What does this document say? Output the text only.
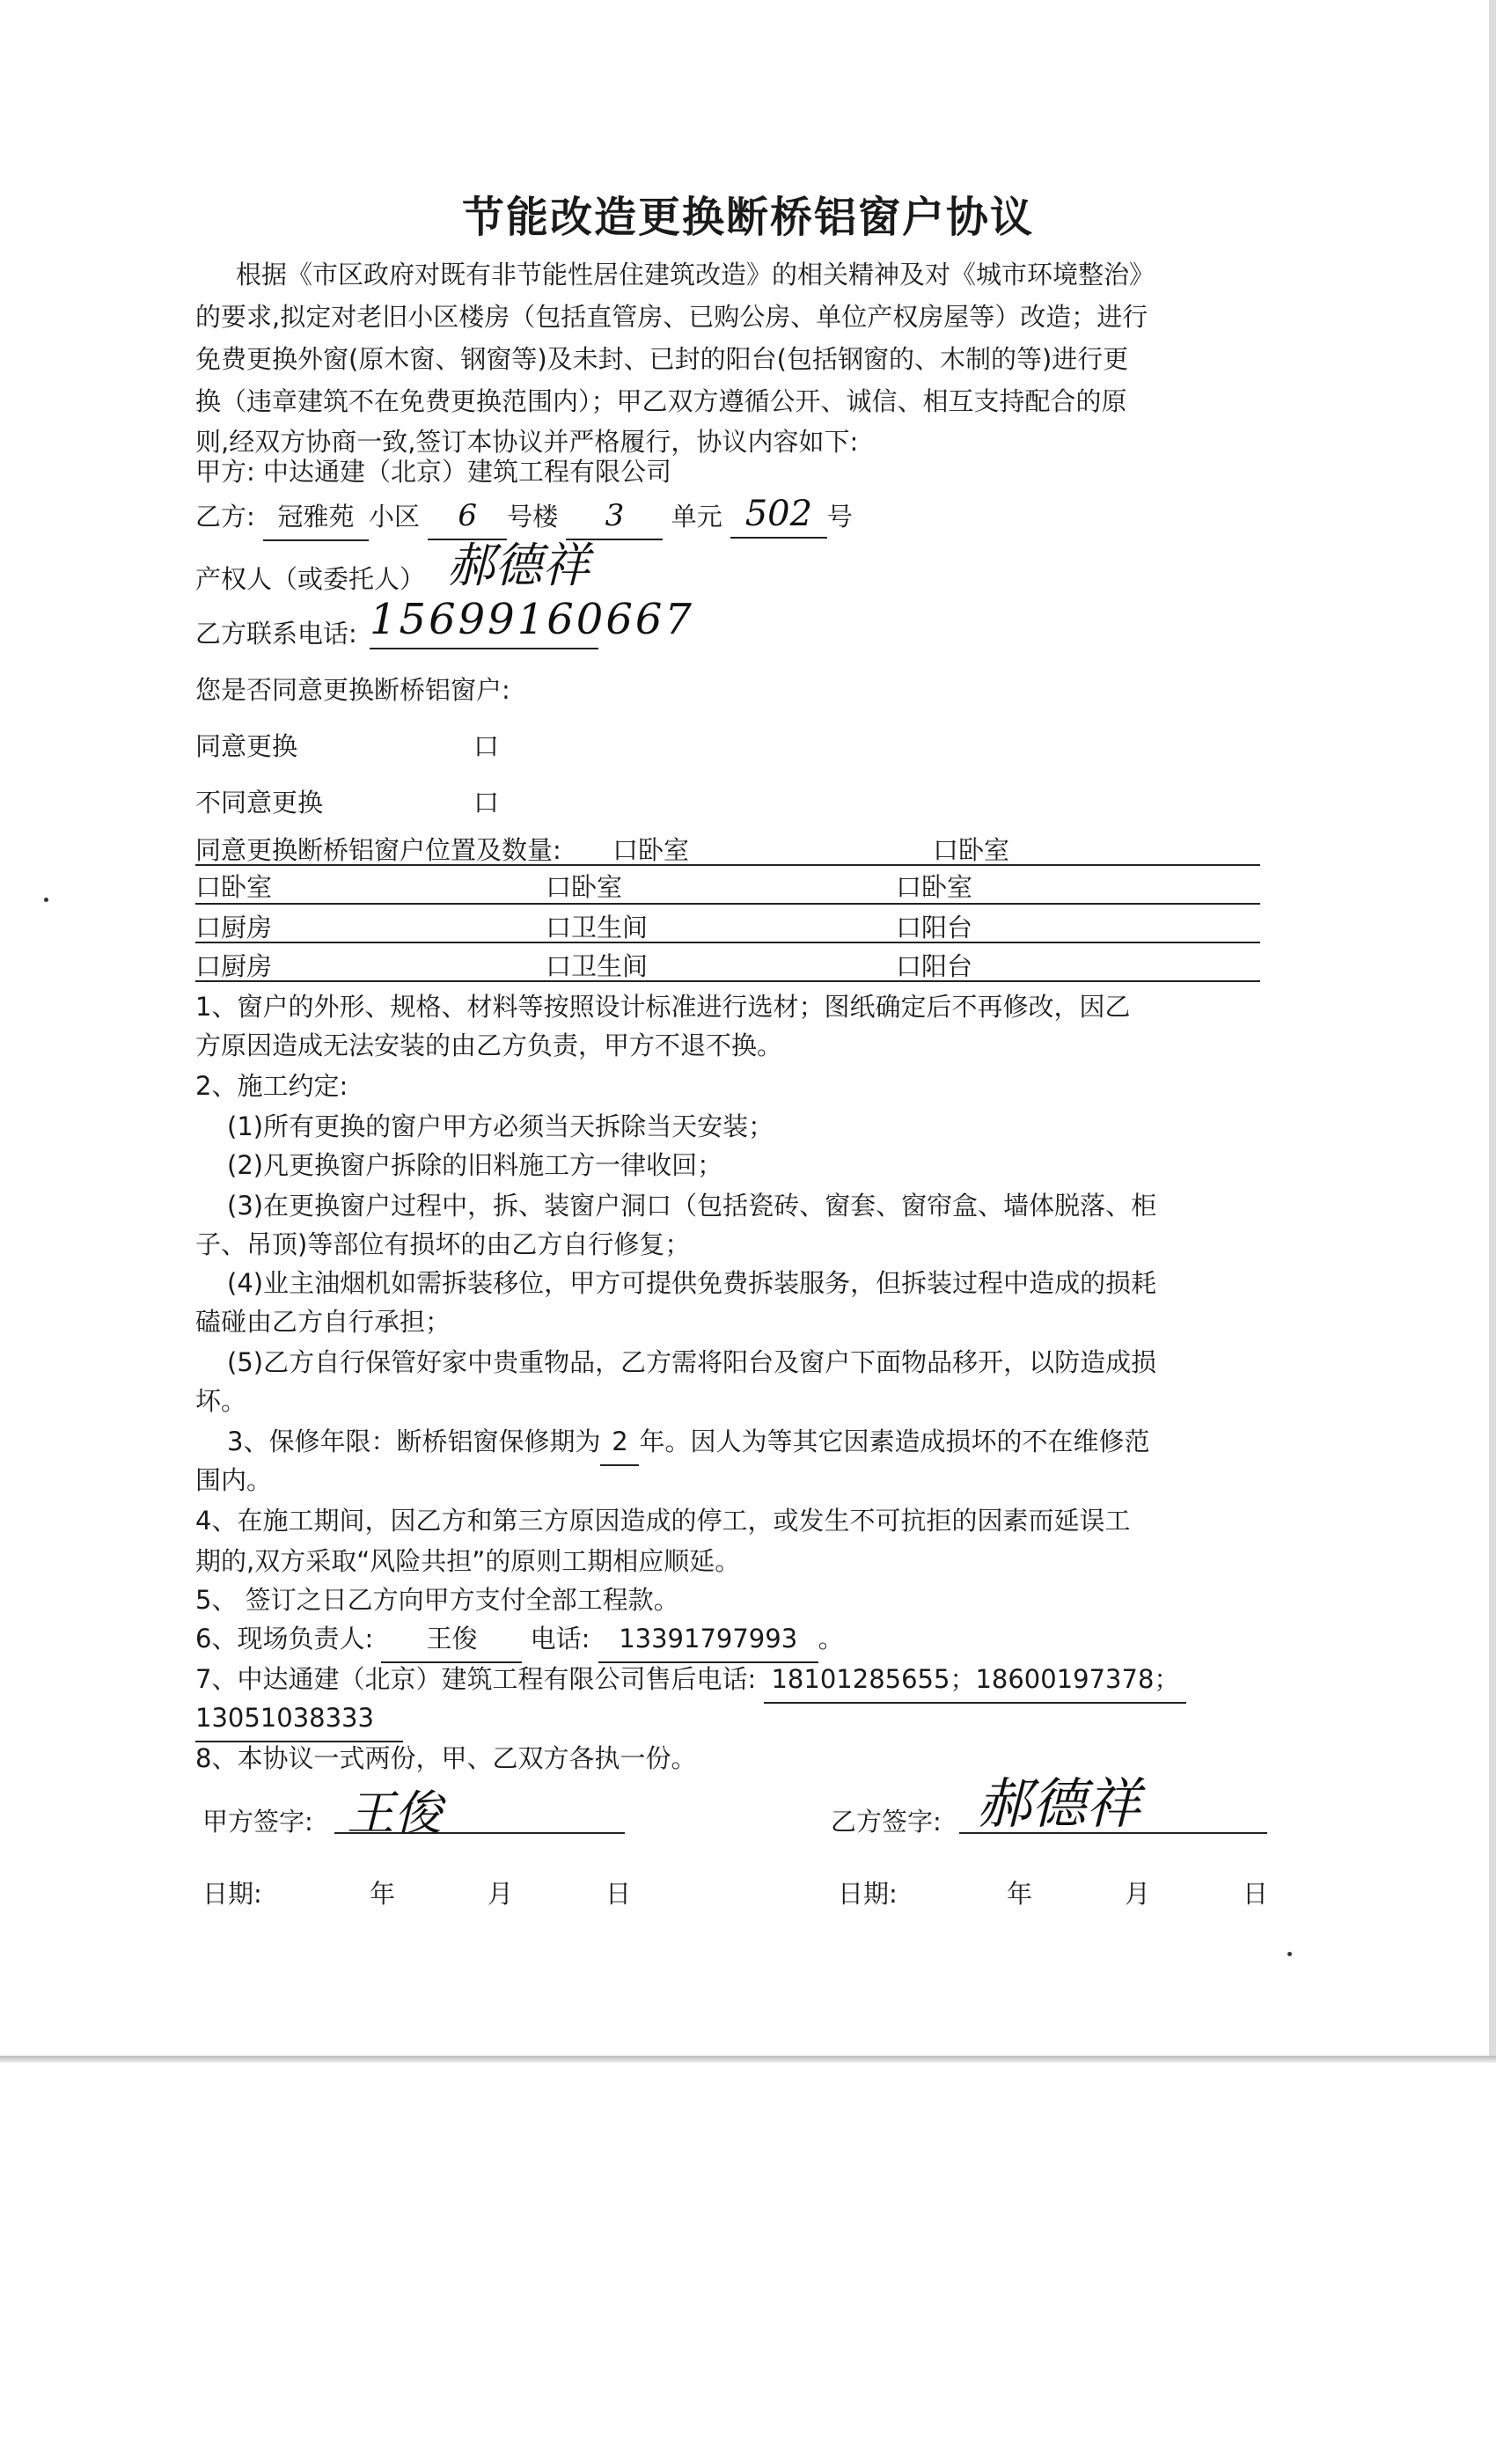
节能改造更换断桥铝窗户协议
根据《市区政府对既有非节能性居住建筑改造》的相关精神及对《城市环境整治》
的要求,拟定对老旧小区楼房（包括直管房、已购公房、单位产权房屋等）改造；进行
免费更换外窗(原木窗、钢窗等)及未封、已封的阳台(包括钢窗的、木制的等)进行更
换（违章建筑不在免费更换范围内）；甲乙双方遵循公开、诚信、相互支持配合的原
则,经双方协商一致,签订本协议并严格履行，协议内容如下:
甲方: 中达通建（北京）建筑工程有限公司
乙方: 冠雅苑 小区 6 号楼 3 单元 502 号
产权人（或委托人） 郝德祥
乙方联系电话: 15699160667
您是否同意更换断桥铝窗户:
同意更换	口
不同意更换	口
同意更换断桥铝窗户位置及数量: 口卧室	口卧室
口卧室	口卧室	口卧室
口厨房	口卫生间	口阳台
口厨房	口卫生间	口阳台
1、窗户的外形、规格、材料等按照设计标准进行选材；图纸确定后不再修改，因乙
方原因造成无法安装的由乙方负责，甲方不退不换。
2、施工约定:
(1)所有更换的窗户甲方必须当天拆除当天安装；
(2)凡更换窗户拆除的旧料施工方一律收回；
(3)在更换窗户过程中，拆、装窗户洞口（包括瓷砖、窗套、窗帘盒、墙体脱落、柜
子、吊顶)等部位有损坏的由乙方自行修复；
(4)业主油烟机如需拆装移位，甲方可提供免费拆装服务，但拆装过程中造成的损耗
磕碰由乙方自行承担；
(5)乙方自行保管好家中贵重物品，乙方需将阳台及窗户下面物品移开，以防造成损
坏。
3、保修年限：断桥铝窗保修期为 2 年。因人为等其它因素造成损坏的不在维修范
围内。
4、在施工期间，因乙方和第三方原因造成的停工，或发生不可抗拒的因素而延误工
期的,双方采取“风险共担”的原则工期相应顺延。
5、 签订之日乙方向甲方支付全部工程款。
6、现场负责人: 王俊 电话: 13391797993 。
7、中达通建（北京）建筑工程有限公司售后电话: 18101285655；18600197378；
13051038333
8、本协议一式两份，甲、乙双方各执一份。
甲方签字: 王俊	乙方签字: 郝德祥
日期:	年	月	日	日期:	年	月	日
